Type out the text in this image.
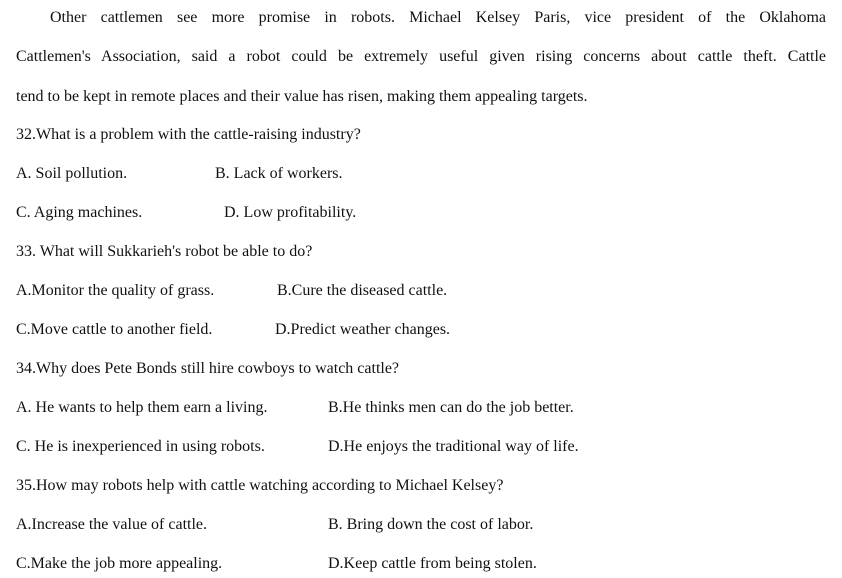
Other cattlemen see more promise in robots. Michael Kelsey Paris, vice president of the Oklahoma
Cattlemen's Association, said a robot could be extremely useful given rising concerns about cattle theft. Cattle
tend to be kept in remote places and their value has risen, making them appealing targets.
32.What is a problem with the cattle-raising industry?
A. Soil pollution.	B. Lack of workers.
C. Aging machines.	D. Low profitability.
33. What will Sukkarieh's robot be able to do?
A.Monitor the quality of grass.	B.Cure the diseased cattle.
C.Move cattle to another field.	D.Predict weather changes.
34.Why does Pete Bonds still hire cowboys to watch cattle?
A. He wants to help them earn a living.	B.He thinks men can do the job better.
C. He is inexperienced in using robots.	D.He enjoys the traditional way of life.
35.How may robots help with cattle watching according to Michael Kelsey?
A.Increase the value of cattle.	B. Bring down the cost of labor.
C.Make the job more appealing.	D.Keep cattle from being stolen.
